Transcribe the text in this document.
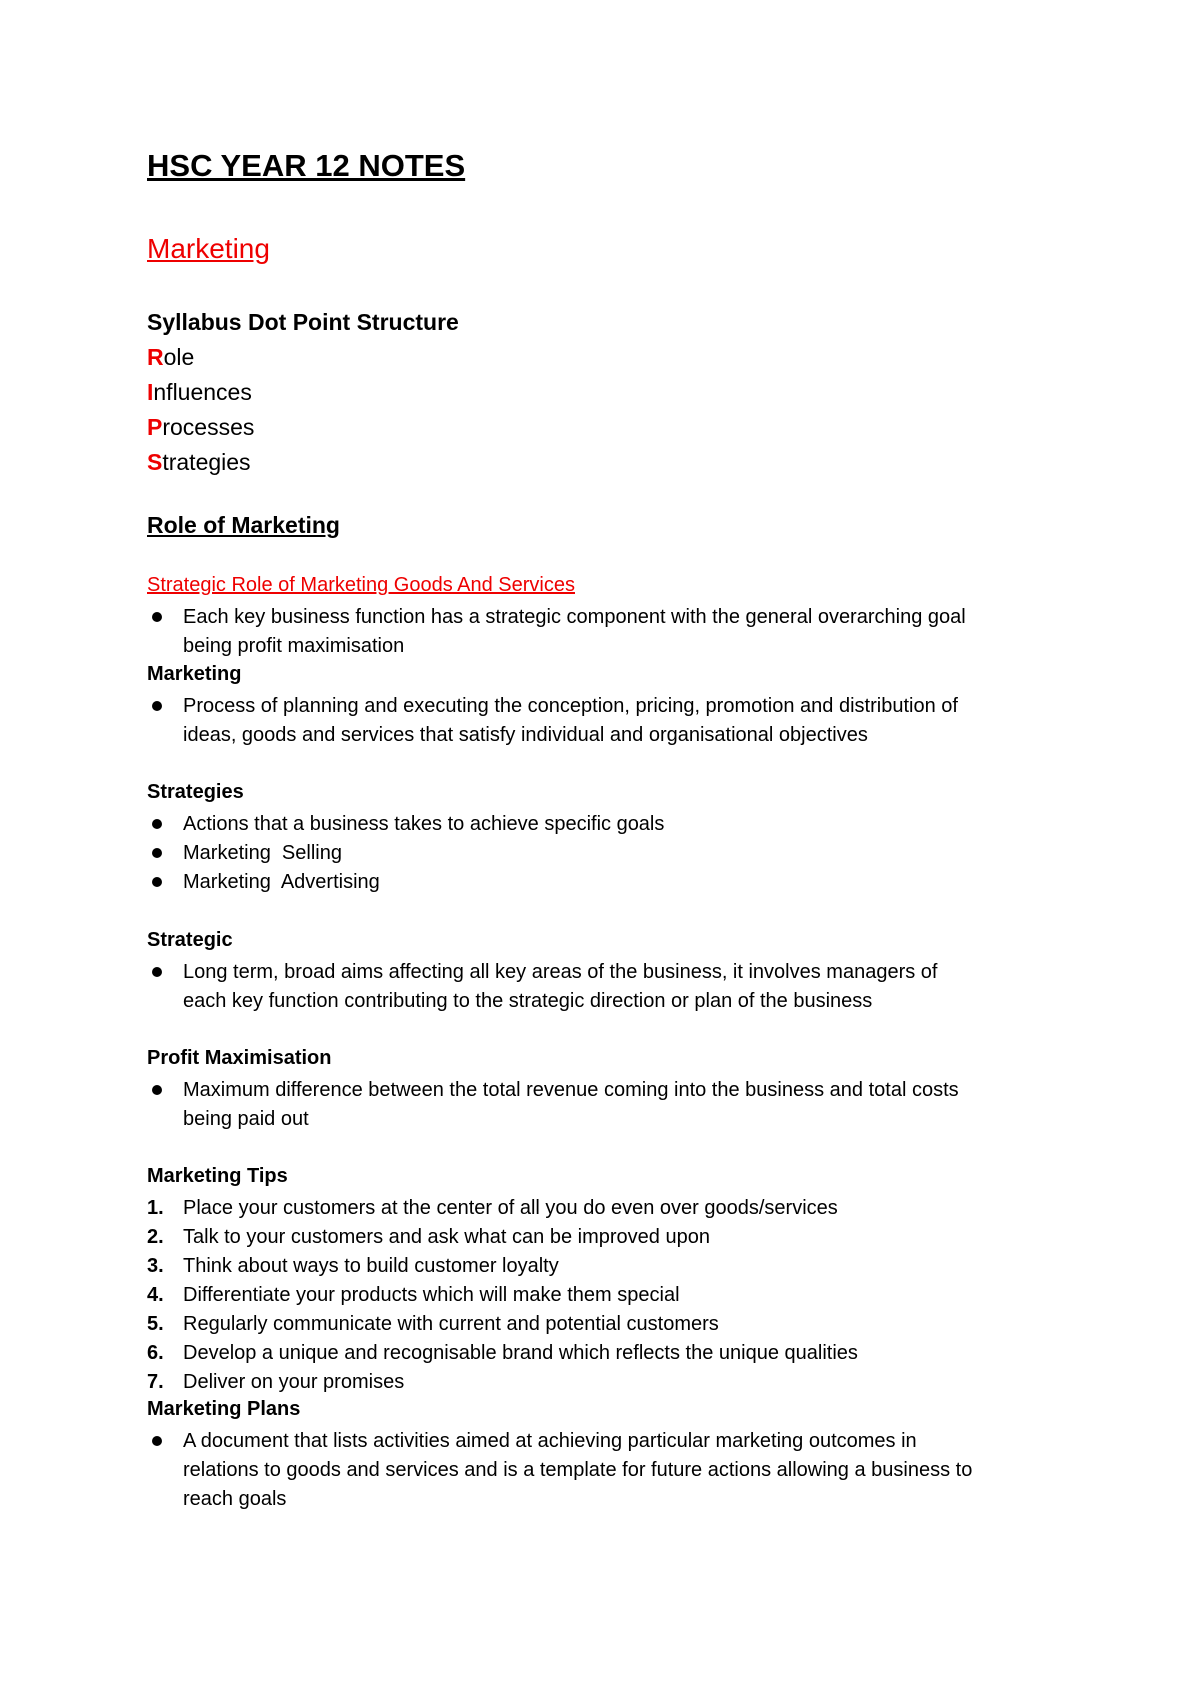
HSC YEAR 12 NOTES
Marketing
Syllabus Dot Point Structure
Role
Influences
Processes
Strategies
Role of Marketing
Strategic Role of Marketing Goods And Services
Each key business function has a strategic component with the general overarching goal
being profit maximisation
Marketing
Process of planning and executing the conception, pricing, promotion and distribution of
ideas, goods and services that satisfy individual and organisational objectives
Strategies
Actions that a business takes to achieve specific goals
Marketing  Selling
Marketing  Advertising
Strategic
Long term, broad aims affecting all key areas of the business, it involves managers of
each key function contributing to the strategic direction or plan of the business
Profit Maximisation
Maximum difference between the total revenue coming into the business and total costs
being paid out
Marketing Tips
1. Place your customers at the center of all you do even over goods/services
2. Talk to your customers and ask what can be improved upon
3. Think about ways to build customer loyalty
4. Differentiate your products which will make them special
5. Regularly communicate with current and potential customers
6. Develop a unique and recognisable brand which reflects the unique qualities
7. Deliver on your promises
Marketing Plans
A document that lists activities aimed at achieving particular marketing outcomes in
relations to goods and services and is a template for future actions allowing a business to
reach goals
